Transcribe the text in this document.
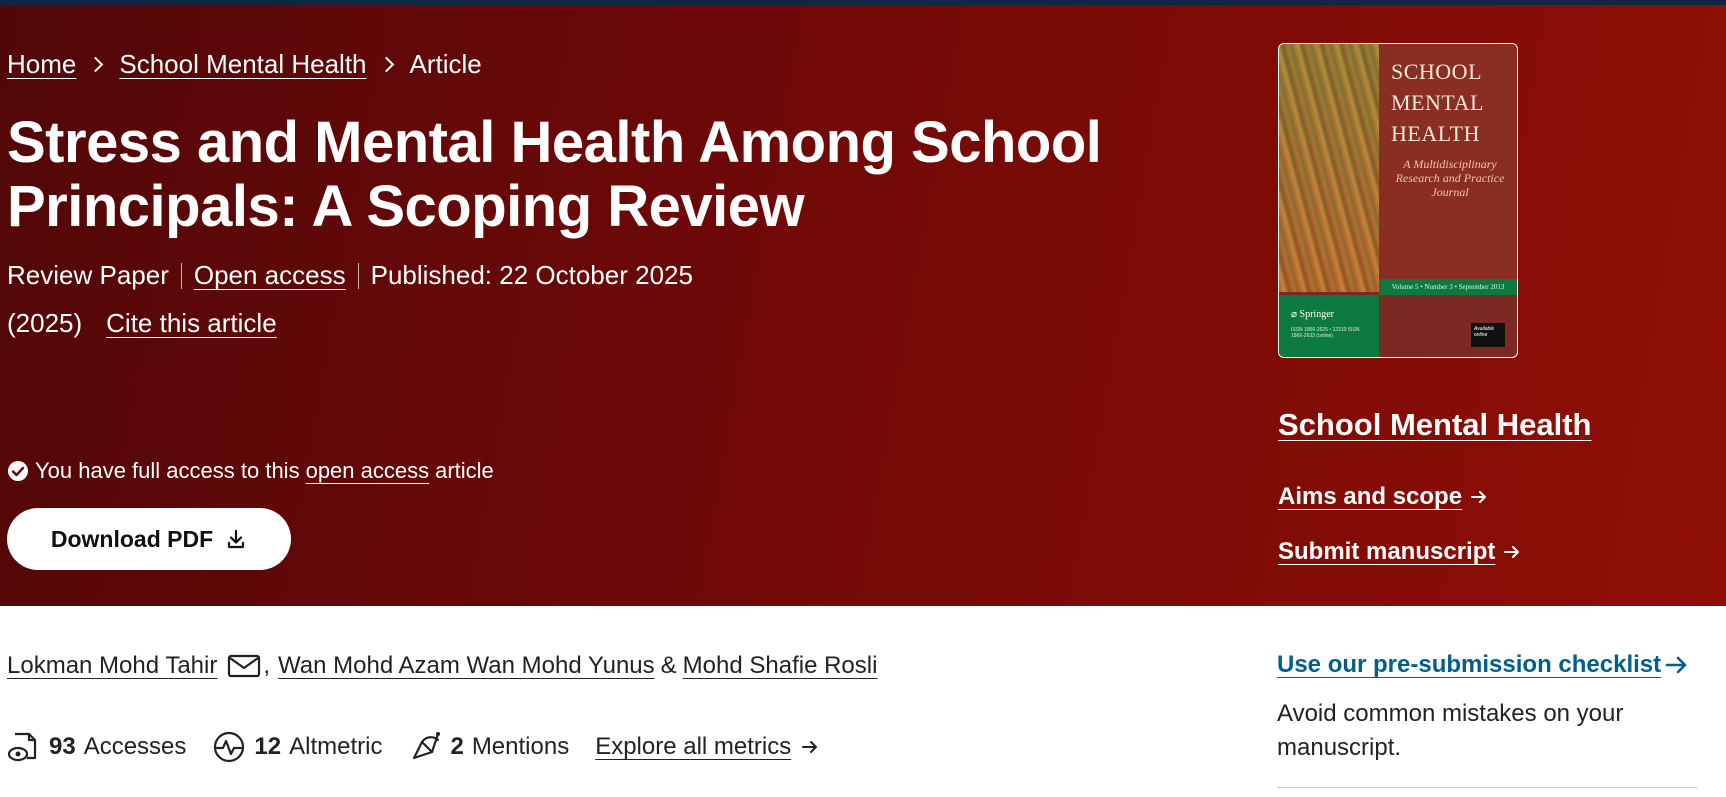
Home School Mental Health Article
Stress and Mental Health Among School Principals: A Scoping Review
Review Paper Open access Published: 22 October 2025
(2025) Cite this article
You have full access to this open access article
Download PDF
SCHOOL
MENTAL
HEALTH
A Multidisciplinary Research and Practice Journal
Volume 5 • Number 3 • September 2013
⌀ Springer
ISSN 1866-2625 • 12310 ISSN 1866-2633 (online)
Available online
School Mental Health
Aims and scope
Submit manuscript
Lokman Mohd Tahir , Wan Mohd Azam Wan Mohd Yunus & Mohd Shafie Rosli
93 Accesses	12 Altmetric	2 Mentions Explore all metrics
Use our pre-submission checklist

Avoid common mistakes on your manuscript.
